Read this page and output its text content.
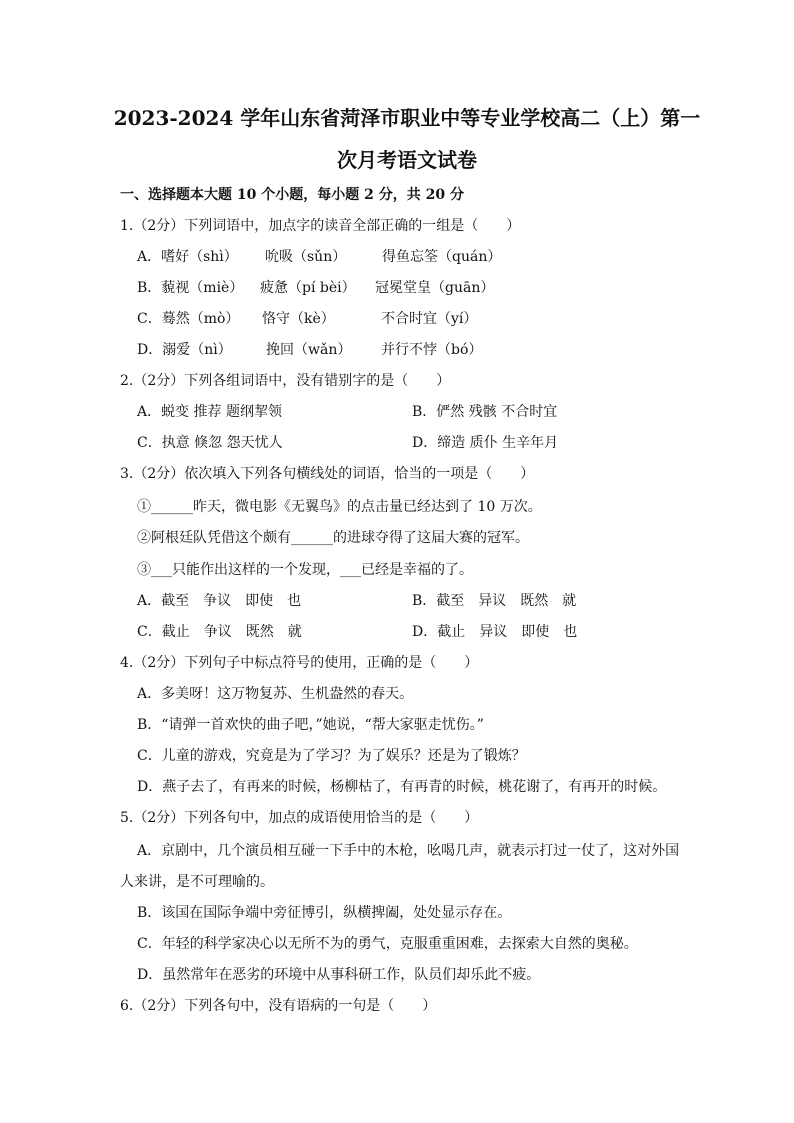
2023-2024 学年山东省菏泽市职业中等专业学校高二（上）第一
次月考语文试卷
一、选择题本大题 10 个小题，每小题 2 分，共 20 分
1.（2分）下列词语中，加点字的读音全部正确的一组是（　　）
A．嗜好（shì） 吮吸（sǔn）	得鱼忘筌（quán）
B．藐视（miè） 疲惫（pí bèi） 冠冕堂皇（guān）
C．蓦然（mò） 恪守（kè）	不合时宜（yí）
D．溺爱（nì） 挽回（wǎn） 并行不悖（bó）
2.（2分）下列各组词语中，没有错别字的是（　　）
A．蜕变 推荐 题纲挈领	B．俨然 残骸 不合时宜
C．执意 倏忽 怨天忧人	D．缔造 质仆 生辛年月
3.（2分）依次填入下列各句横线处的词语，恰当的一项是（　　）
①______昨天，微电影《无翼鸟》的点击量已经达到了 10 万次。
②阿根廷队凭借这个颇有______的进球夺得了这届大赛的冠军。
③___只能作出这样的一个发现，___已经是幸福的了。
A．截至　争议　即使　也	B．截至　异议　既然　就
C．截止　争议　既然　就	D．截止　异议　即使　也
4.（2分）下列句子中标点符号的使用，正确的是（　　）
A．多美呀！这万物复苏、生机盎然的春天。
B．“请弹一首欢快的曲子吧，”她说，“帮大家驱走忧伤。”
C．儿童的游戏，究竟是为了学习？为了娱乐？还是为了锻炼？
D．燕子去了，有再来的时候，杨柳枯了，有再青的时候，桃花谢了，有再开的时候。
5.（2分）下列各句中，加点的成语使用恰当的是（　　）
A．京剧中，几个演员相互碰一下手中的木枪，吆喝几声，就表示打过一仗了，这对外国
人来讲，是不可理喻的。
B．该国在国际争端中旁征博引，纵横捭阖，处处显示存在。
C．年轻的科学家决心以无所不为的勇气，克服重重困难，去探索大自然的奥秘。
D．虽然常年在恶劣的环境中从事科研工作，队员们却乐此不疲。
6.（2分）下列各句中，没有语病的一句是（　　）
